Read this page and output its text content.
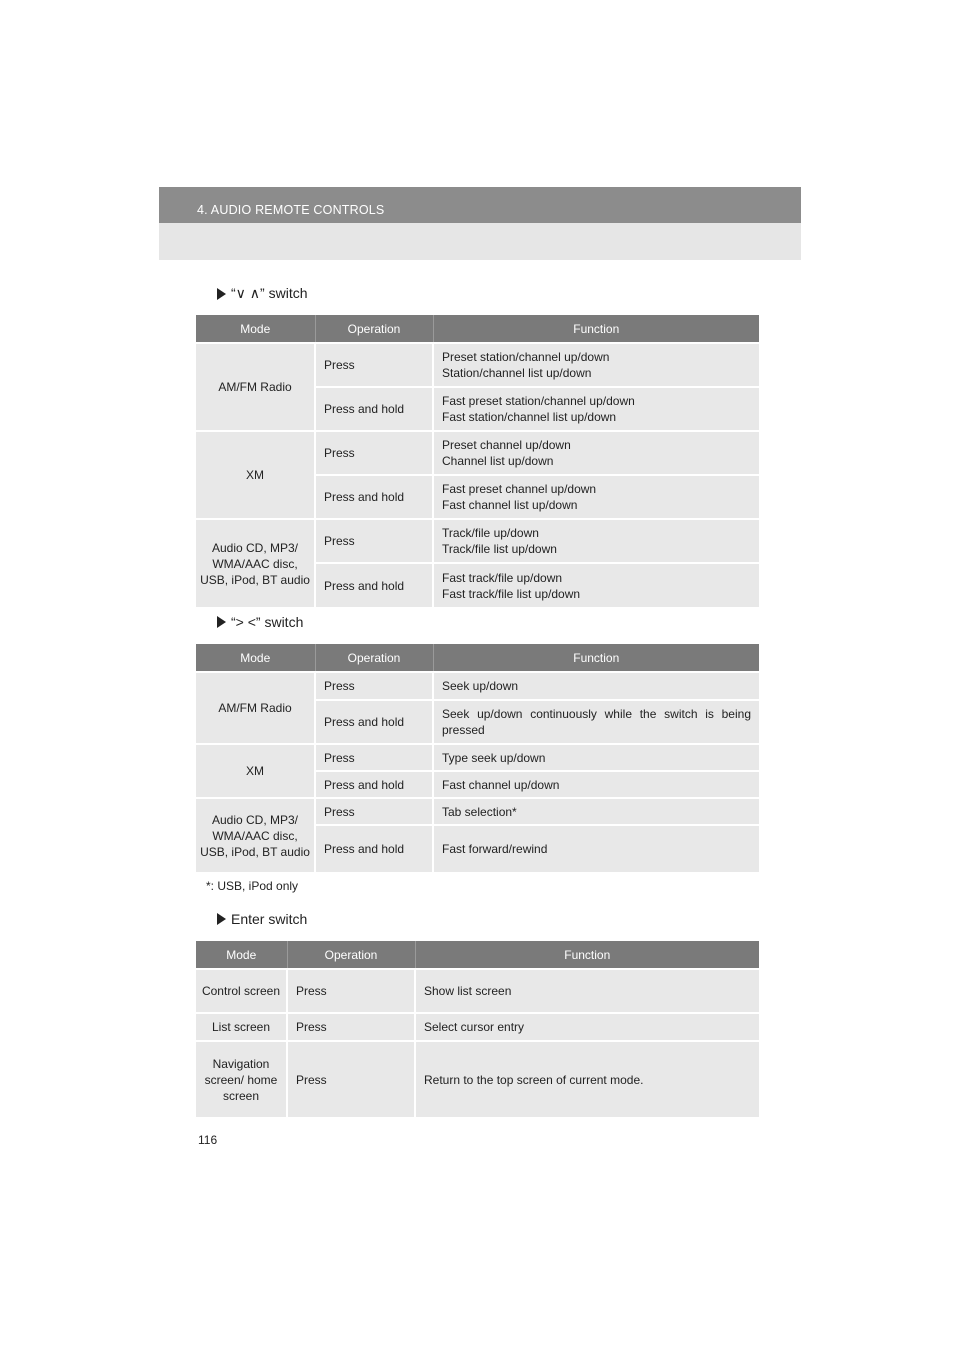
4. AUDIO REMOTE CONTROLS
“∨ ∧” switch
Mode	Operation	Function
AM/FM Radio	Press	Preset station/channel up/down
Station/channel list up/down

	Press and hold	Fast preset station/channel up/down
Fast station/channel list up/down

XM	Press	Preset channel up/down
Channel list up/down

	Press and hold	Fast preset channel up/down
Fast channel list up/down

Audio CD, MP3/ WMA/AAC disc, USB, iPod, BT audio	Press	Track/file up/down
Track/file list up/down

	Press and hold	Fast track/file up/down
Fast track/file list up/down
“> <” switch
Mode	Operation	Function
AM/FM Radio	Press	Seek up/down
	Press and hold	Seek up/down continuously while the switch is being pressed
XM	Press	Type seek up/down
	Press and hold	Fast channel up/down
Audio CD, MP3/ WMA/AAC disc, USB, iPod, BT audio	Press	Tab selection*
	Press and hold	Fast forward/rewind
*: USB, iPod only
Enter switch
Mode	Operation	Function
Control screen	Press	Show list screen
List screen	Press	Select cursor entry
Navigation screen/ home screen	Press	Return to the top screen of current mode.
116
